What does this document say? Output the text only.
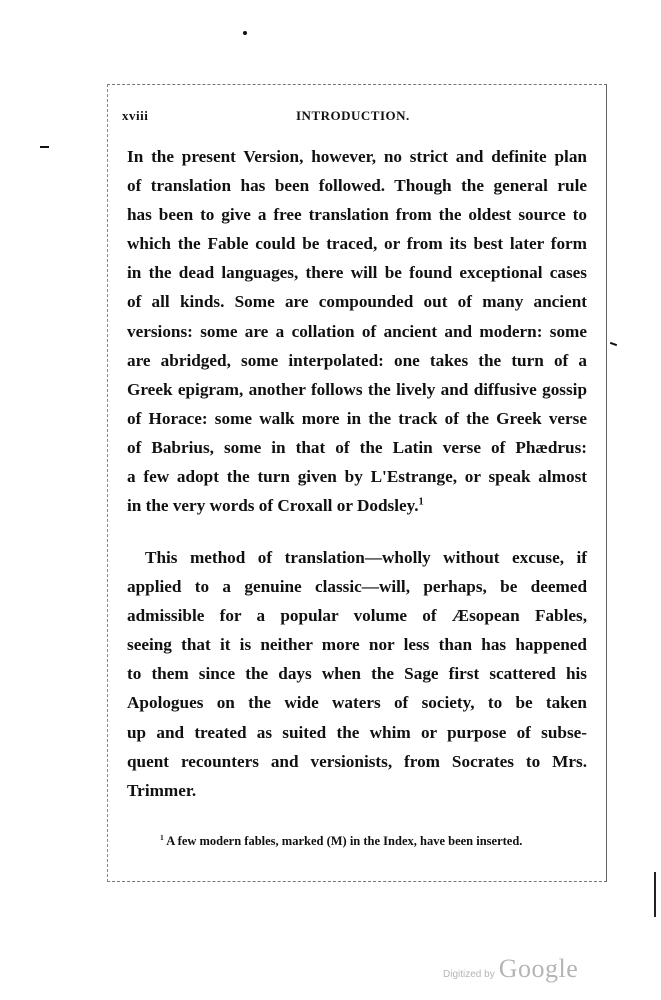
xviii	INTRODUCTION.
In the present Version, however, no strict and definite plan
of translation has been followed. Though the general rule
has been to give a free translation from the oldest source to
which the Fable could be traced, or from its best later form
in the dead languages, there will be found exceptional cases
of all kinds. Some are compounded out of many ancient
versions: some are a collation of ancient and modern: some
are abridged, some interpolated: one takes the turn of a
Greek epigram, another follows the lively and diffusive gossip
of Horace: some walk more in the track of the Greek verse
of Babrius, some in that of the Latin verse of Phædrus:
a few adopt the turn given by L'Estrange, or speak almost
in the very words of Croxall or Dodsley.$^1$
This method of translation—wholly without excuse, if
applied to a genuine classic—will, perhaps, be deemed
admissible for a popular volume of Æsopean Fables,
seeing that it is neither more nor less than has happened
to them since the days when the Sage first scattered his
Apologues on the wide waters of society, to be taken
up and treated as suited the whim or purpose of subse-
quent recounters and versionists, from Socrates to Mrs.
Trimmer.
$^1$ A few modern fables, marked (M) in the Index, have been inserted.
Digitized by Google
